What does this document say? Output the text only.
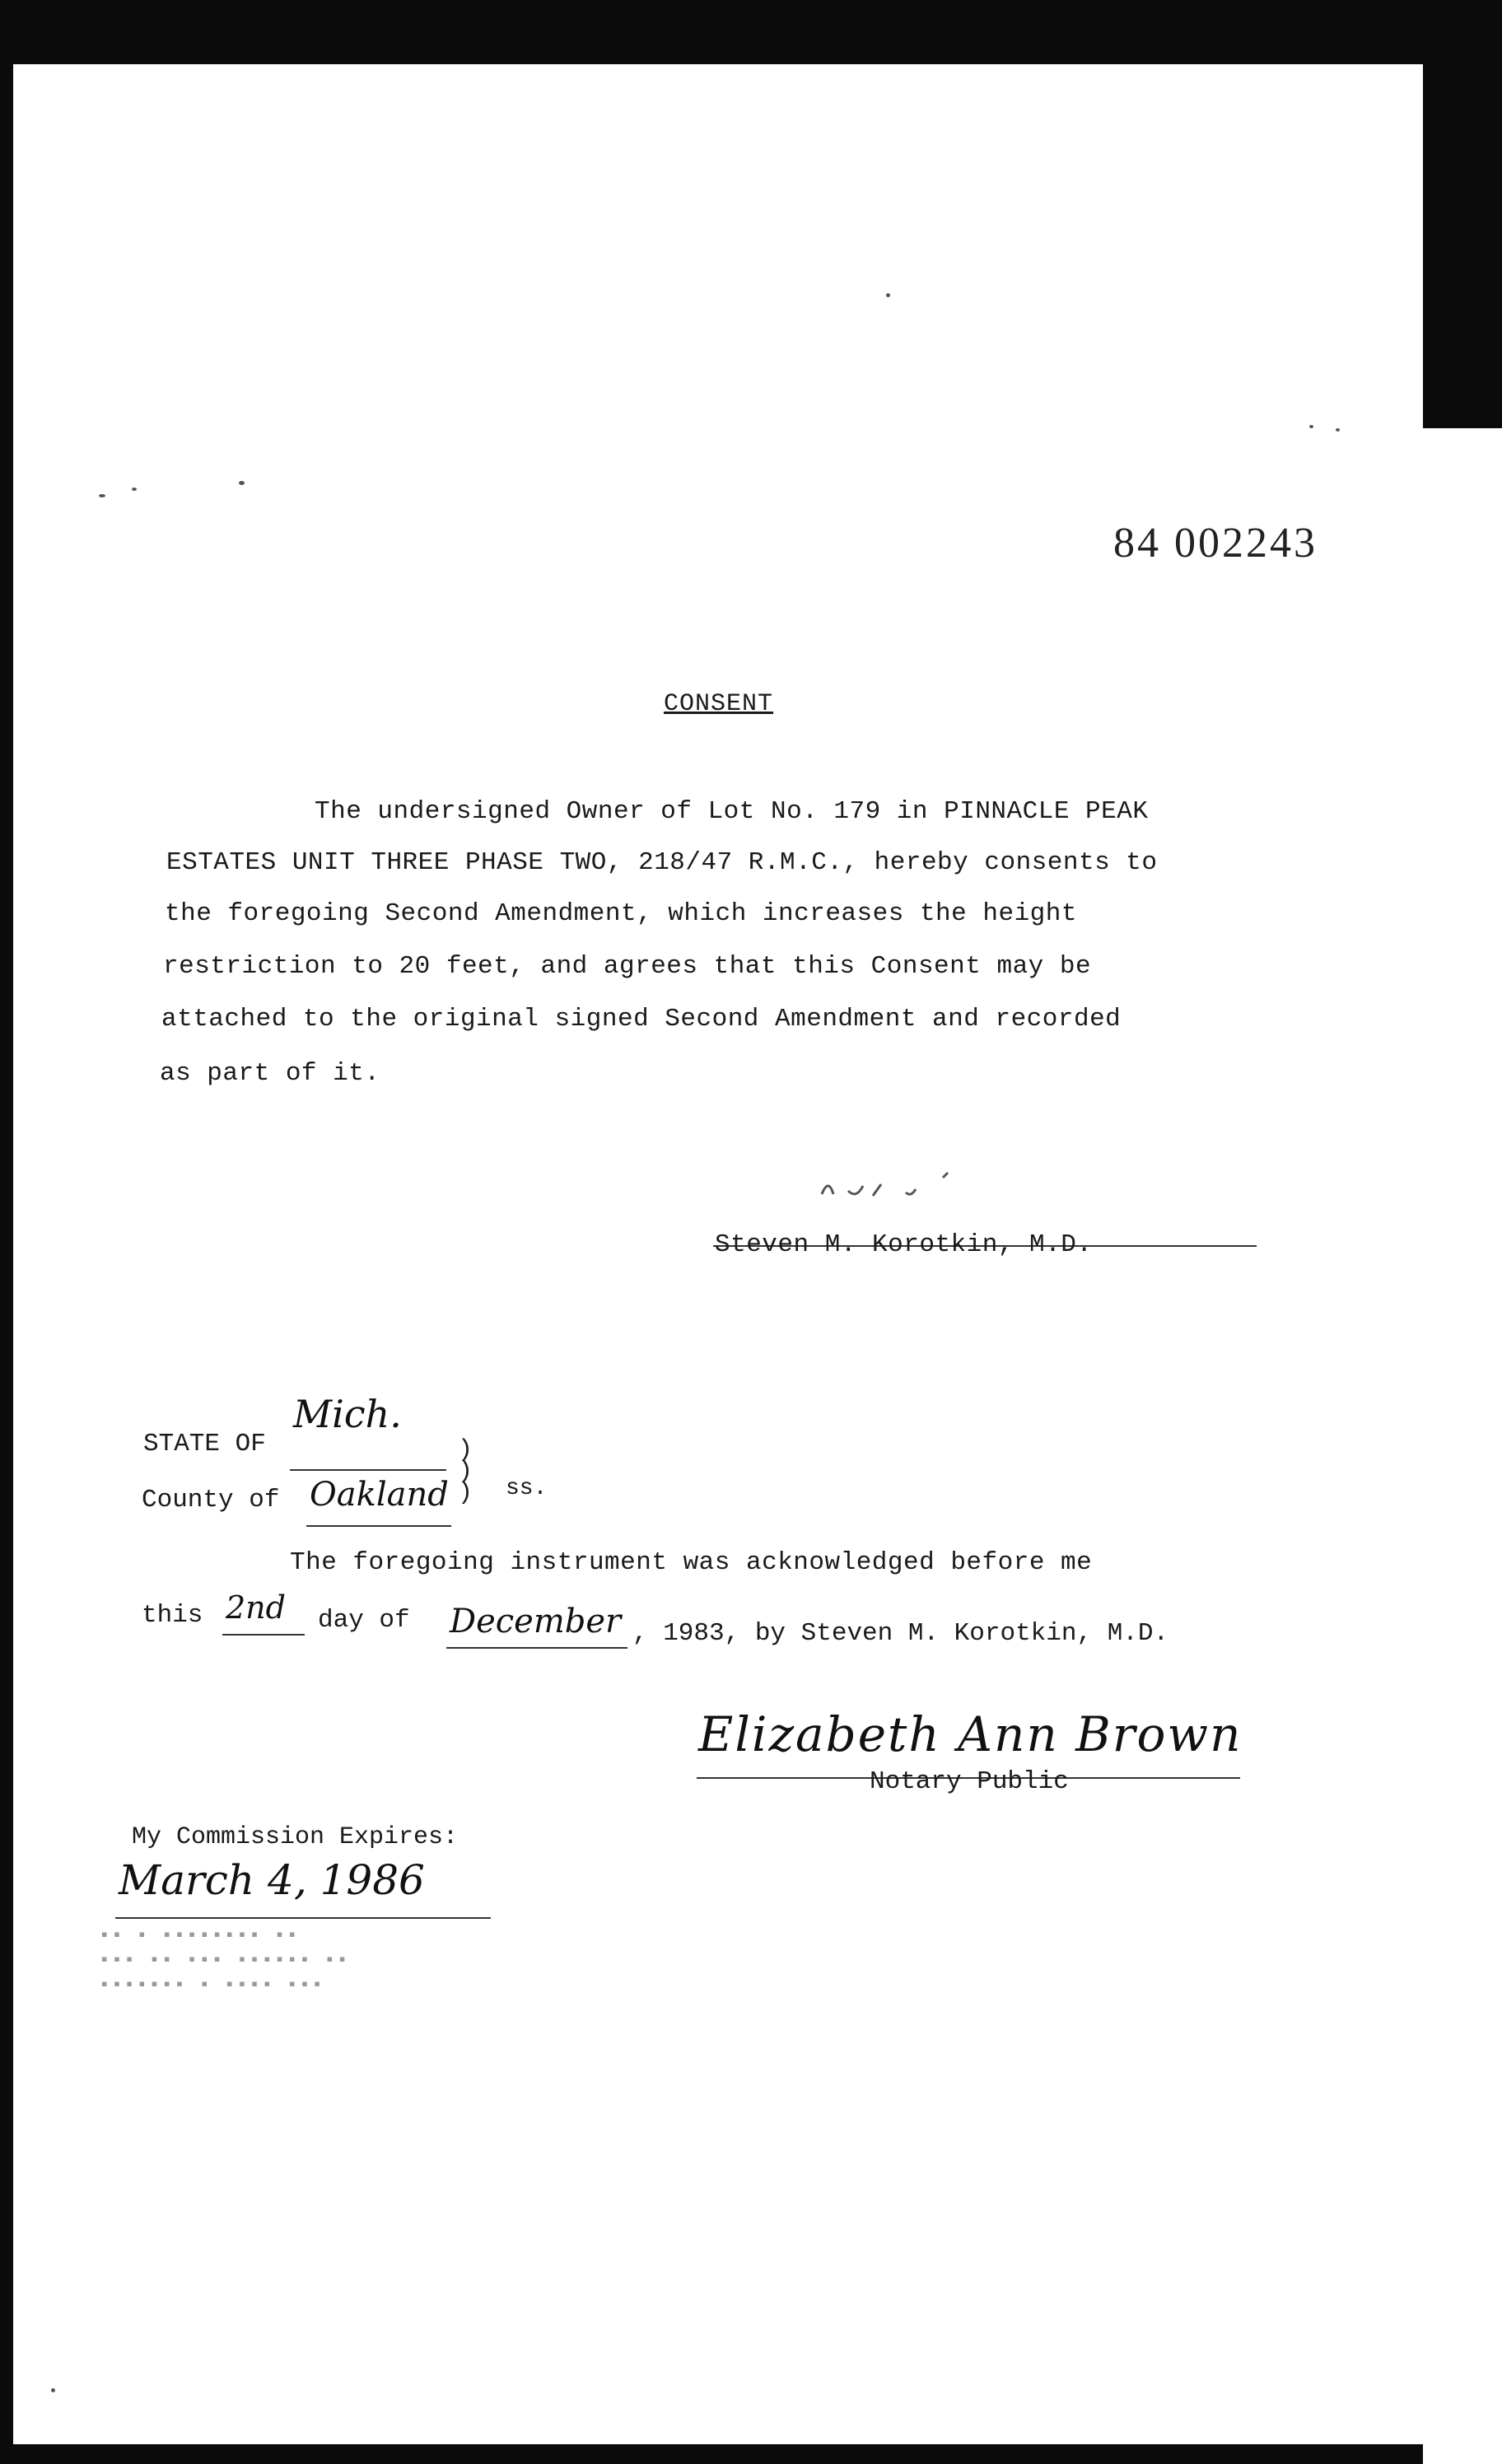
84 002243
CONSENT
The undersigned Owner of Lot No. 179 in PINNACLE PEAK
ESTATES UNIT THREE PHASE TWO, 218/47 R.M.C., hereby consents to
the foregoing Second Amendment, which increases the height
restriction to 20 feet, and agrees that this Consent may be
attached to the original signed Second Amendment and recorded
as part of it.
Steven M. Korotkin, M.D.
STATE OF
Mich.
)
)
) ss.
County of Oakland
The foregoing instrument was acknowledged before me
this 2nd day of December , 1983, by Steven M. Korotkin, M.D.
Elizabeth Ann Brown
Notary Public
My Commission Expires:
March 4, 1986
▪▪ ▪ ▪▪▪▪▪▪▪▪ ▪▪
▪▪▪ ▪▪ ▪▪▪ ▪▪▪▪▪▪ ▪▪
▪▪▪▪▪▪▪ ▪ ▪▪▪▪ ▪▪▪
